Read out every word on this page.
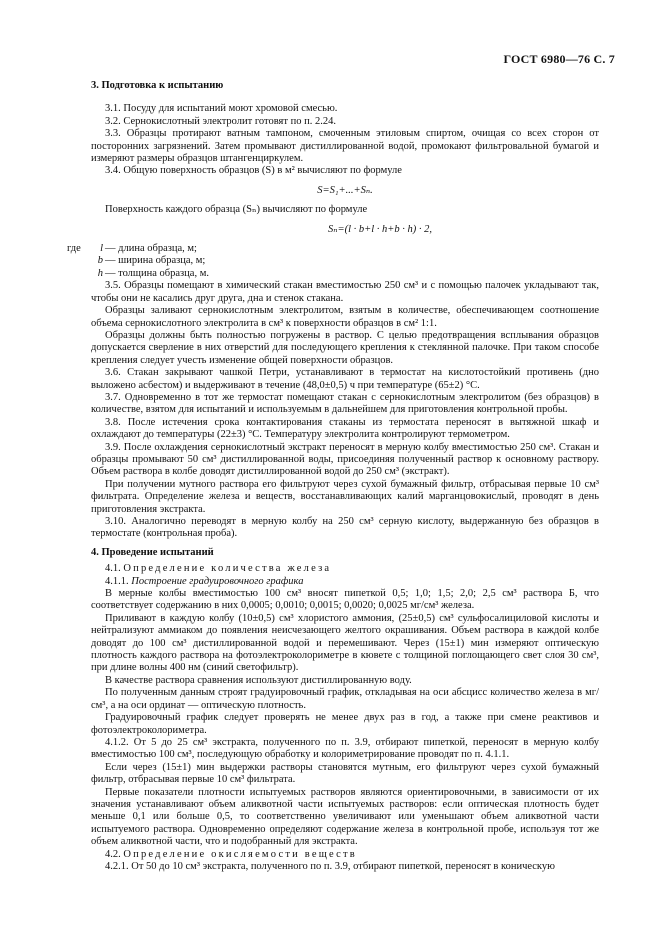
ГОСТ 6980—76 С. 7

3. Подготовка к испытанию

3.1. Посуду для испытаний моют хромовой смесью.

3.2. Сернокислотный электролит готовят по п. 2.24.

3.3. Образцы протирают ватным тампоном, смоченным этиловым спиртом, очищая со всех сторон от посторонних загрязнений. Затем промывают дистиллированной водой, промокают фильтровальной бумагой и измеряют размеры образцов штангенциркулем.

3.4. Общую поверхность образцов (S) в м² вычисляют по формуле

S=S₁+...+Sₙ.

Поверхность каждого образца (Sₙ) вычисляют по формуле

Sₙ=(l · b+l · h+b · h) · 2,

где	l — длина образца, м;
b — ширина образца, м;
h — толщина образца, м.

3.5. Образцы помещают в химический стакан вместимостью 250 см³ и с помощью палочек укладывают так, чтобы они не касались друг друга, дна и стенок стакана.

Образцы заливают сернокислотным электролитом, взятым в количестве, обеспечивающем соотношение объема сернокислотного электролита в см³ к поверхности образцов в см² 1:1.

Образцы должны быть полностью погружены в раствор. С целью предотвращения всплывания образцов допускается сверление в них отверстий для последующего крепления к стеклянной палочке. При таком способе крепления следует учесть изменение общей поверхности образцов.

3.6. Стакан закрывают чашкой Петри, устанавливают в термостат на кислотостойкий противень (дно выложено асбестом) и выдерживают в течение (48,0±0,5) ч при температуре (65±2) °С.

3.7. Одновременно в тот же термостат помещают стакан с сернокислотным электролитом (без образцов) в количестве, взятом для испытаний и используемым в дальнейшем для приготовления контрольной пробы.

3.8. После истечения срока контактирования стаканы из термостата переносят в вытяжной шкаф и охлаждают до температуры (22±3) °С. Температуру электролита контролируют термометром.

3.9. После охлаждения сернокислотный экстракт переносят в мерную колбу вместимостью 250 см³. Стакан и образцы промывают 50 см³ дистиллированной воды, присоединяя полученный раствор к основному раствору. Объем раствора в колбе доводят дистиллированной водой до 250 см³ (экстракт).

При получении мутного раствора его фильтруют через сухой бумажный фильтр, отбрасывая первые 10 см³ фильтрата. Определение железа и веществ, восстанавливающих калий марганцовокислый, проводят в день приготовления экстракта.

3.10. Аналогично переводят в мерную колбу на 250 см³ серную кислоту, выдержанную без образцов в термостате (контрольная проба).

4. Проведение испытаний

4.1. Определение количества железа

4.1.1. Построение градуировочного графика

В мерные колбы вместимостью 100 см³ вносят пипеткой 0,5; 1,0; 1,5; 2,0; 2,5 см³ раствора Б, что соответствует содержанию в них 0,0005; 0,0010; 0,0015; 0,0020; 0,0025 мг/см³ железа.

Приливают в каждую колбу (10±0,5) см³ хлористого аммония, (25±0,5) см³ сульфосалициловой кислоты и нейтрализуют аммиаком до появления неисчезающего желтого окрашивания. Объем раствора в каждой колбе доводят до 100 см³ дистиллированной водой и перемешивают. Через (15±1) мин измеряют оптическую плотность каждого раствора на фотоэлектроколориметре в кювете с толщиной поглощающего свет слоя 30 см³, при длине волны 400 нм (синий светофильтр).

В качестве раствора сравнения используют дистиллированную воду.

По полученным данным строят градуировочный график, откладывая на оси абсцисс количество железа в мг/см³, а на оси ординат — оптическую плотность.

Градуировочный график следует проверять не менее двух раз в год, а также при смене реактивов и фотоэлектроколориметра.

4.1.2. От 5 до 25 см³ экстракта, полученного по п. 3.9, отбирают пипеткой, переносят в мерную колбу вместимостью 100 см³, последующую обработку и колориметрирование проводят по п. 4.1.1.

Если через (15±1) мин выдержки растворы становятся мутным, его фильтруют через сухой бумажный фильтр, отбрасывая первые 10 см³ фильтрата.

Первые показатели плотности испытуемых растворов являются ориентировочными, в зависимости от их значения устанавливают объем аликвотной части испытуемых растворов: если оптическая плотность будет меньше 0,1 или больше 0,5, то соответственно увеличивают или уменьшают объем аликвотной части испытуемого раствора. Одновременно определяют содержание железа в контрольной пробе, используя тот же объем аликвотной части, что и подобранный для экстракта.

4.2. Определение окисляемости веществ

4.2.1. От 50 до 10 см³ экстракта, полученного по п. 3.9, отбирают пипеткой, переносят в коническую
